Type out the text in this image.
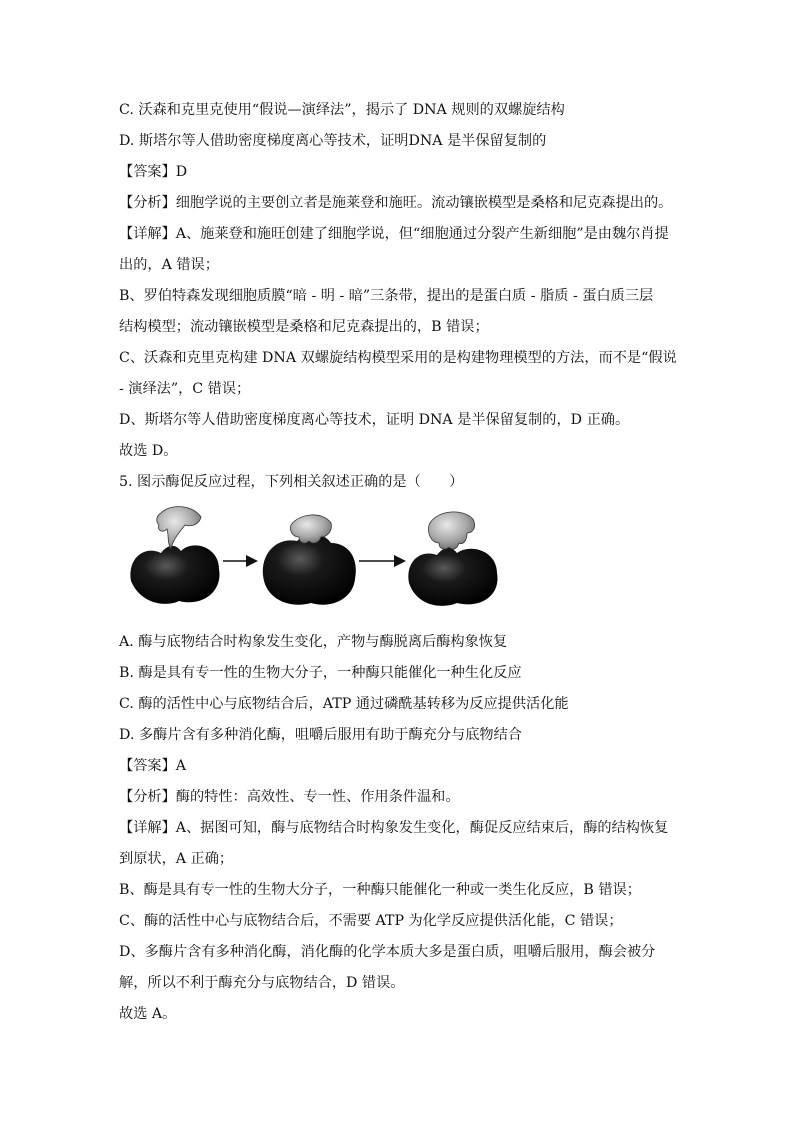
C. 沃森和克里克使用“假说—演绎法”，揭示了 DNA 规则的双螺旋结构
D. 斯塔尔等人借助密度梯度离心等技术，证明DNA 是半保留复制的
【答案】D
【分析】细胞学说的主要创立者是施莱登和施旺。流动镶嵌模型是桑格和尼克森提出的。
【详解】A、施莱登和施旺创建了细胞学说，但“细胞通过分裂产生新细胞”是由魏尔肖提
出的，A 错误；
B、罗伯特森发现细胞质膜“暗 - 明 - 暗”三条带，提出的是蛋白质 - 脂质 - 蛋白质三层
结构模型；流动镶嵌模型是桑格和尼克森提出的，B 错误；
C、沃森和克里克构建 DNA 双螺旋结构模型采用的是构建物理模型的方法，而不是“假说
- 演绎法”，C 错误；
D、斯塔尔等人借助密度梯度离心等技术，证明 DNA 是半保留复制的，D 正确。
故选 D。
5. 图示酶促反应过程，下列相关叙述正确的是（　　）
A. 酶与底物结合时构象发生变化，产物与酶脱离后酶构象恢复
B. 酶是具有专一性的生物大分子，一种酶只能催化一种生化反应
C. 酶的活性中心与底物结合后，ATP 通过磷酰基转移为反应提供活化能
D. 多酶片含有多种消化酶，咀嚼后服用有助于酶充分与底物结合
【答案】A
【分析】酶的特性：高效性、专一性、作用条件温和。
【详解】A、据图可知，酶与底物结合时构象发生变化，酶促反应结束后，酶的结构恢复
到原状，A 正确；
B、酶是具有专一性的生物大分子，一种酶只能催化一种或一类生化反应，B 错误；
C、酶的活性中心与底物结合后，不需要 ATP 为化学反应提供活化能，C 错误；
D、多酶片含有多种消化酶，消化酶的化学本质大多是蛋白质，咀嚼后服用，酶会被分
解，所以不利于酶充分与底物结合，D 错误。
故选 A。
